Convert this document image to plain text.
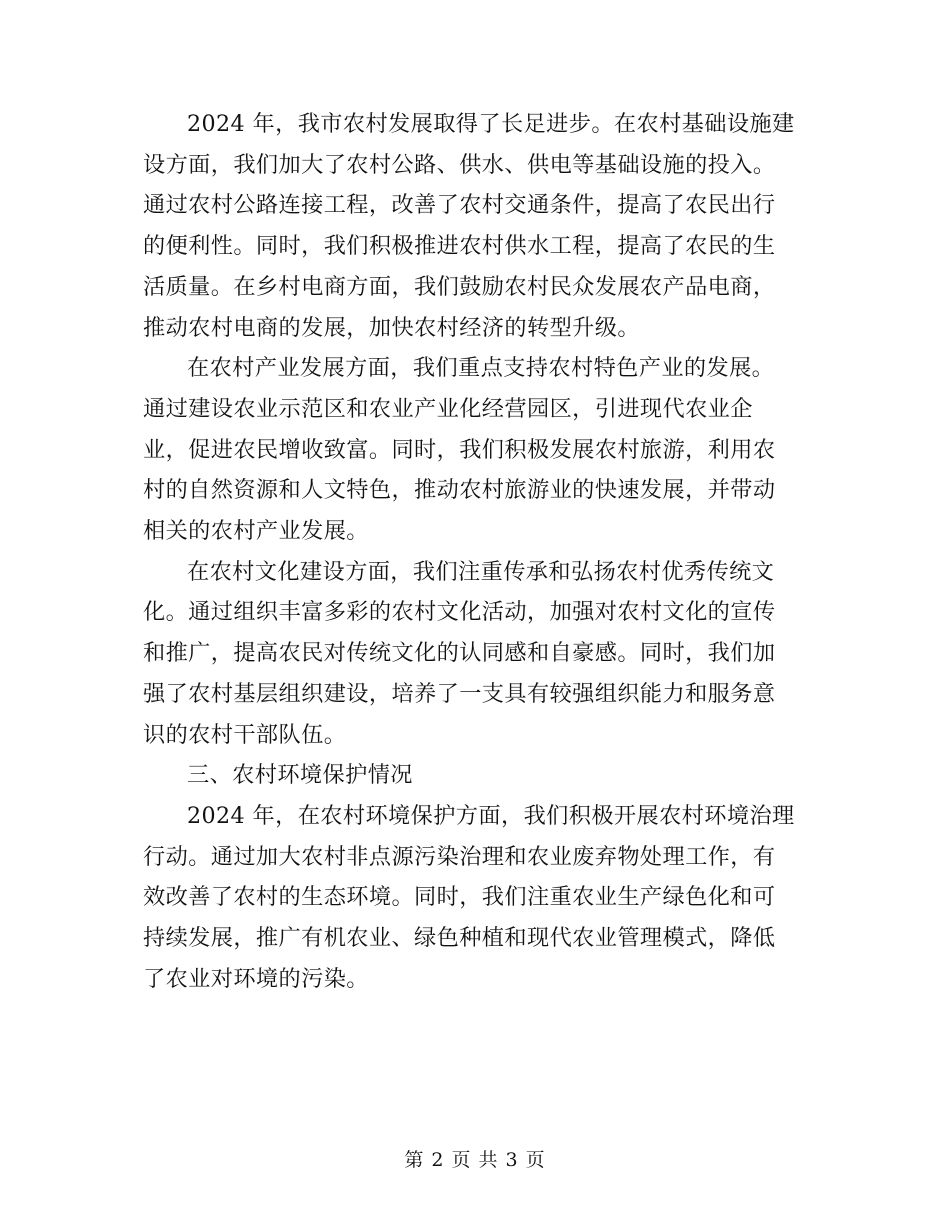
2024 年，我市农村发展取得了长足进步。在农村基础设施建
设方面，我们加大了农村公路、供水、供电等基础设施的投入。
通过农村公路连接工程，改善了农村交通条件，提高了农民出行
的便利性。同时，我们积极推进农村供水工程，提高了农民的生
活质量。在乡村电商方面，我们鼓励农村民众发展农产品电商，
推动农村电商的发展，加快农村经济的转型升级。
在农村产业发展方面，我们重点支持农村特色产业的发展。
通过建设农业示范区和农业产业化经营园区，引进现代农业企
业，促进农民增收致富。同时，我们积极发展农村旅游，利用农
村的自然资源和人文特色，推动农村旅游业的快速发展，并带动
相关的农村产业发展。
在农村文化建设方面，我们注重传承和弘扬农村优秀传统文
化。通过组织丰富多彩的农村文化活动，加强对农村文化的宣传
和推广，提高农民对传统文化的认同感和自豪感。同时，我们加
强了农村基层组织建设，培养了一支具有较强组织能力和服务意
识的农村干部队伍。
三、农村环境保护情况
2024 年，在农村环境保护方面，我们积极开展农村环境治理
行动。通过加大农村非点源污染治理和农业废弃物处理工作，有
效改善了农村的生态环境。同时，我们注重农业生产绿色化和可
持续发展，推广有机农业、绿色种植和现代农业管理模式，降低
了农业对环境的污染。
第 2 页 共 3 页
